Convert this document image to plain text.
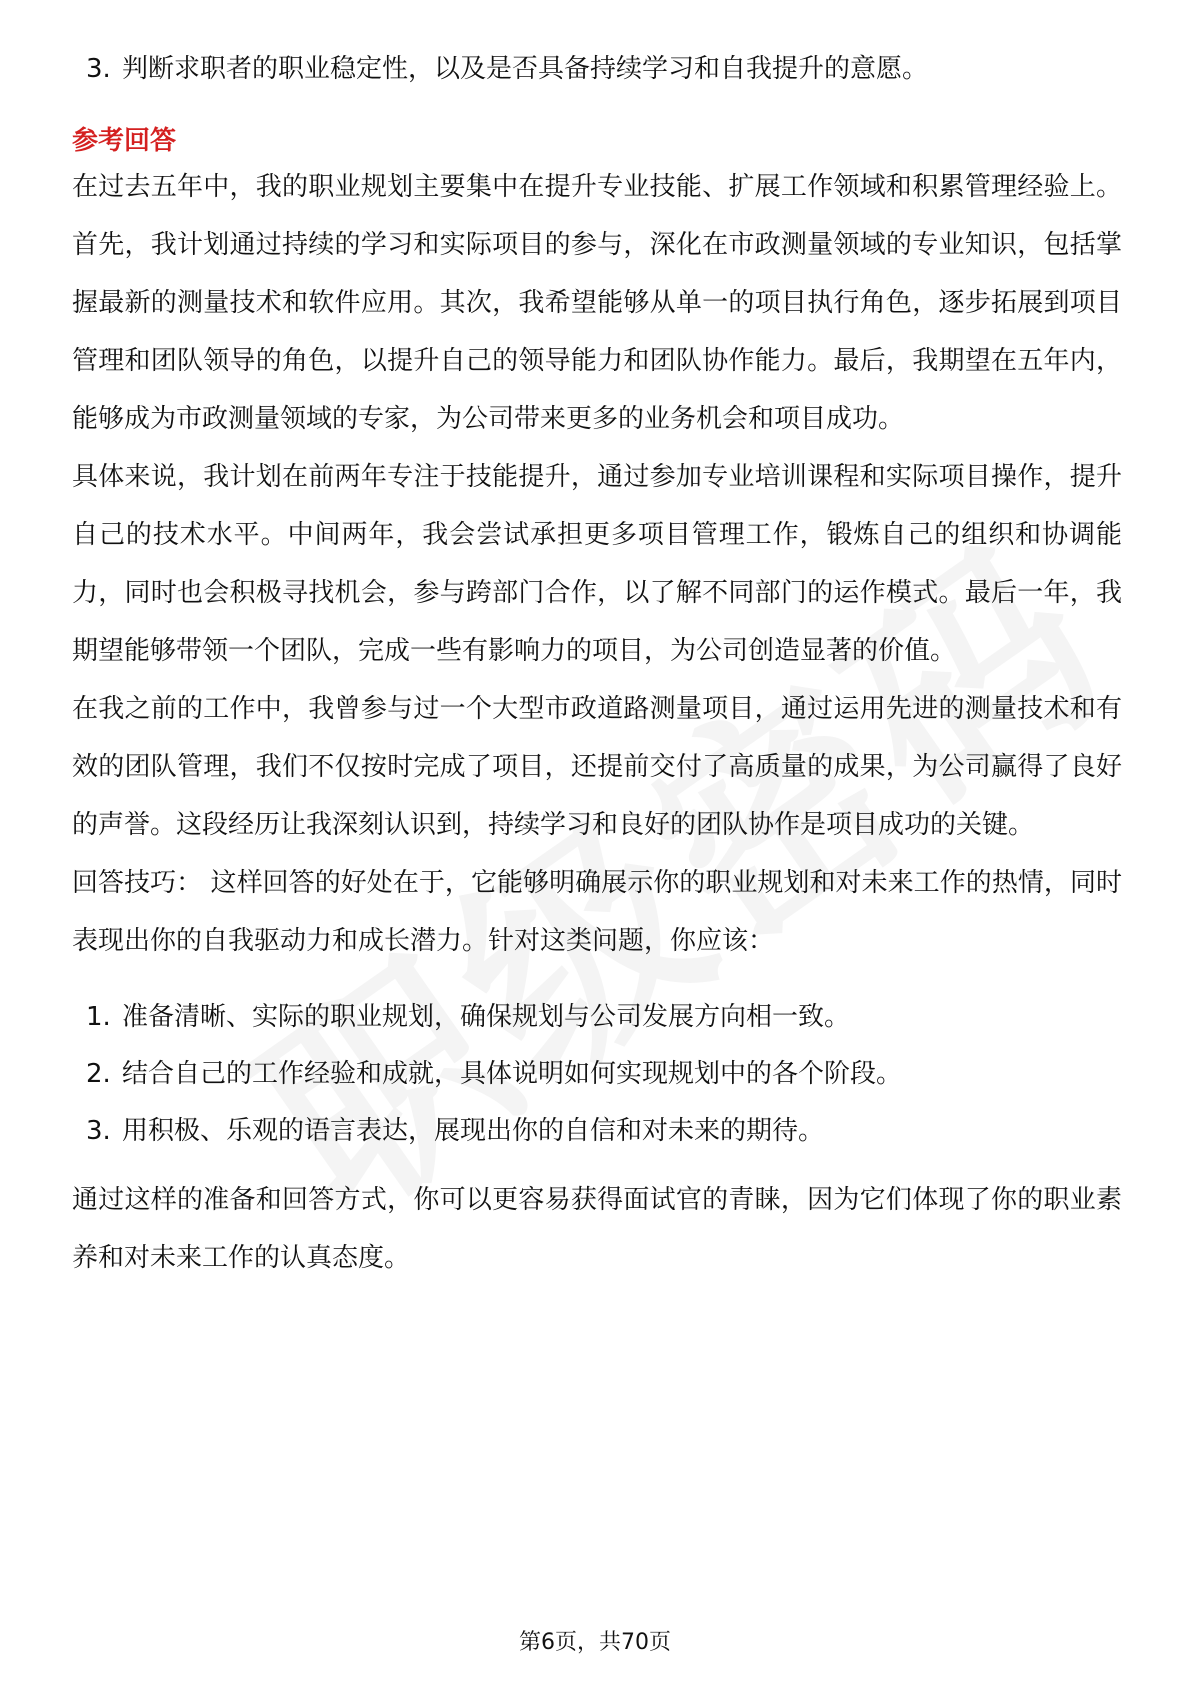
3. 判断求职者的职业稳定性，以及是否具备持续学习和自我提升的意愿。
参考回答

在过去五年中，我的职业规划主要集中在提升专业技能、扩展工作领域和积累管理经验上。首先，我计划通过持续的学习和实际项目的参与，深化在市政测量领域的专业知识，包括掌握最新的测量技术和软件应用。其次，我希望能够从单一的项目执行角色，逐步拓展到项目管理和团队领导的角色，以提升自己的领导能力和团队协作能力。最后，我期望在五年内，能够成为市政测量领域的专家，为公司带来更多的业务机会和项目成功。

具体来说，我计划在前两年专注于技能提升，通过参加专业培训课程和实际项目操作，提升自己的技术水平。中间两年，我会尝试承担更多项目管理工作，锻炼自己的组织和协调能力，同时也会积极寻找机会，参与跨部门合作，以了解不同部门的运作模式。最后一年，我期望能够带领一个团队，完成一些有影响力的项目，为公司创造显著的价值。

在我之前的工作中，我曾参与过一个大型市政道路测量项目，通过运用先进的测量技术和有效的团队管理，我们不仅按时完成了项目，还提前交付了高质量的成果，为公司赢得了良好的声誉。这段经历让我深刻认识到，持续学习和良好的团队协作是项目成功的关键。

回答技巧： 这样回答的好处在于，它能够明确展示你的职业规划和对未来工作的热情，同时表现出你的自我驱动力和成长潜力。针对这类问题，你应该：

1. 准备清晰、实际的职业规划，确保规划与公司发展方向相一致。
2. 结合自己的工作经验和成就，具体说明如何实现规划中的各个阶段。
3. 用积极、乐观的语言表达，展现出你的自信和对未来的期待。

通过这样的准备和回答方式，你可以更容易获得面试官的青睐，因为它们体现了你的职业素养和对未来工作的认真态度。

第6页，共70页
